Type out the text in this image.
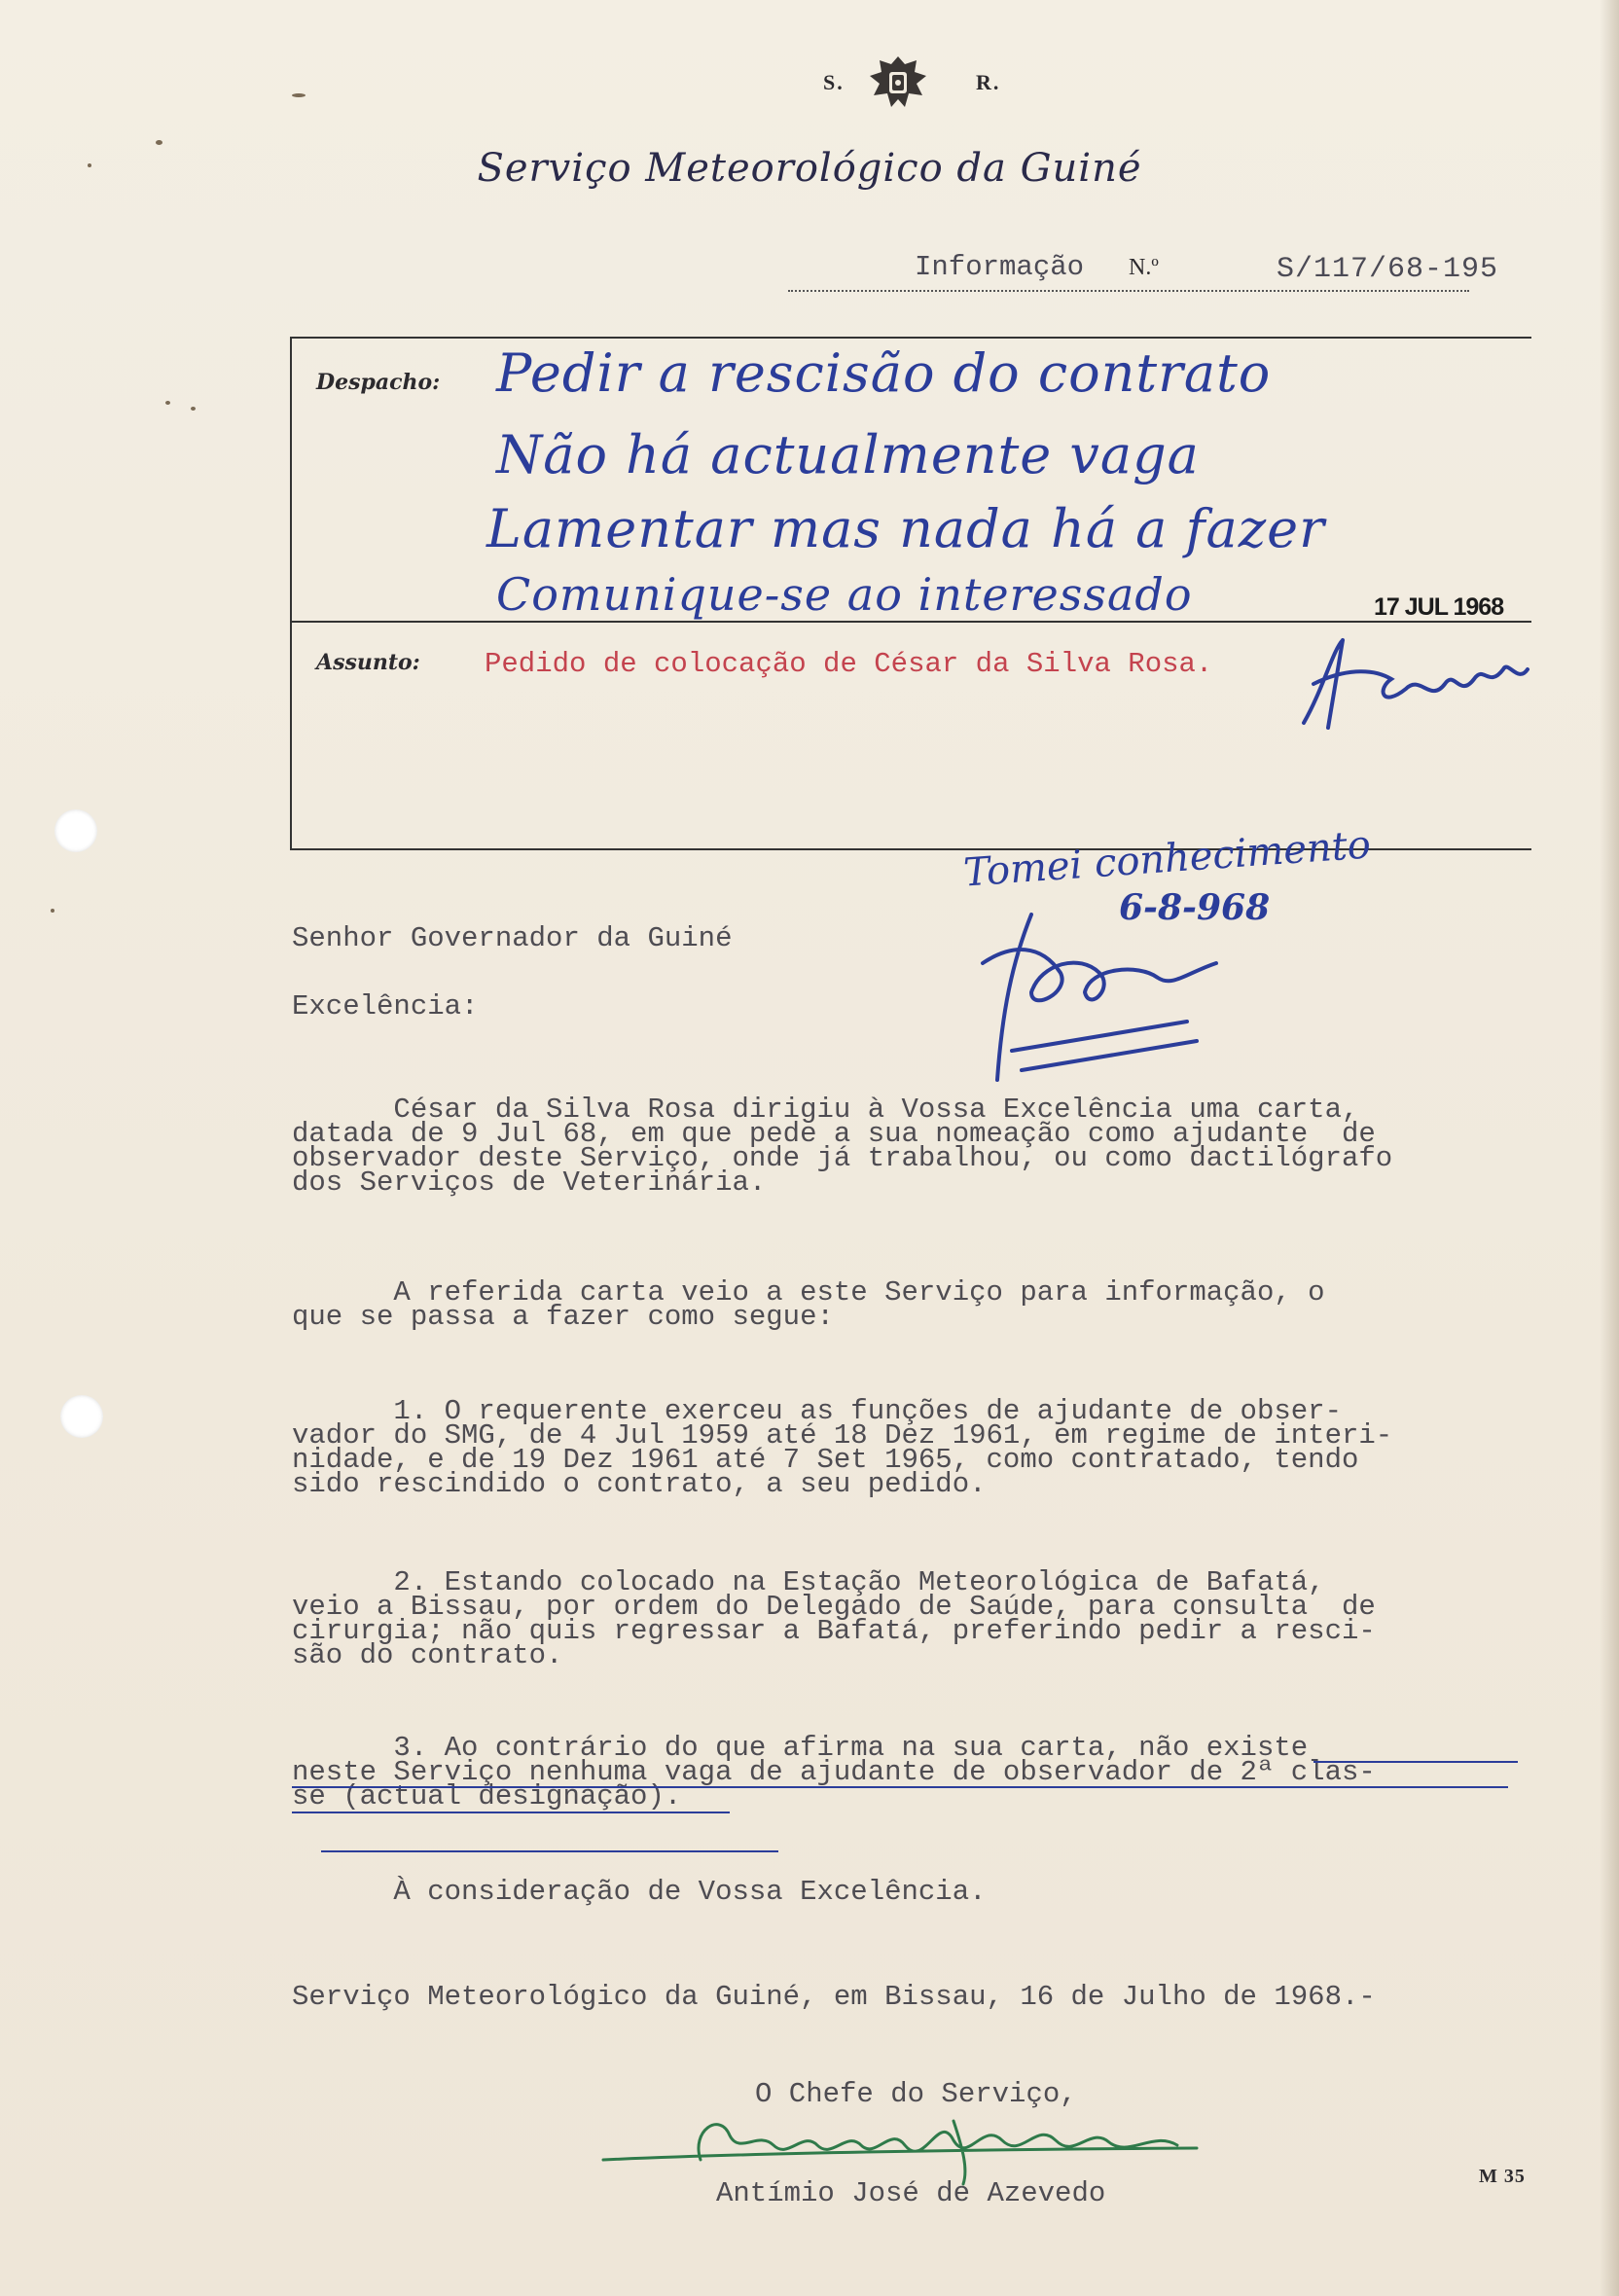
S.	R.
Serviço Meteorológico da Guiné
Informação N.º	S/117/68-195
Despacho: Pedir a rescisão do contrato
Não há actualmente vaga
Lamentar mas nada há a fazer
Comunique-se ao interessado	17 JUL 1968
Assunto: Pedido de colocação de César da Silva Rosa.
Tomei conhecimento
6-8-968
Senhor Governador da Guiné
Excelência:
César da Silva Rosa dirigiu à Vossa Excelência uma carta,
datada de 9 Jul 68, em que pede a sua nomeação como ajudante  de
observador deste Serviço, onde já trabalhou, ou como dactilógrafo
dos Serviços de Veterinária.
A referida carta veio a este Serviço para informação, o
que se passa a fazer como segue:
1. O requerente exerceu as funções de ajudante de obser-
vador do SMG, de 4 Jul 1959 até 18 Dez 1961, em regime de interi-
nidade, e de 19 Dez 1961 até 7 Set 1965, como contratado, tendo
sido rescindido o contrato, a seu pedido.
2. Estando colocado na Estação Meteorológica de Bafatá,
veio a Bissau, por ordem do Delegado de Saúde, para consulta  de
cirurgia; não quis regressar a Bafatá, preferindo pedir a resci-
são do contrato.
3. Ao contrário do que afirma na sua carta, não existe
neste Serviço nenhuma vaga de ajudante de observador de 2ª clas-
se (actual designação).
À consideração de Vossa Excelência.
Serviço Meteorológico da Guiné, em Bissau, 16 de Julho de 1968.-
O Chefe do Serviço,
Antímio José de Azevedo
M 35
